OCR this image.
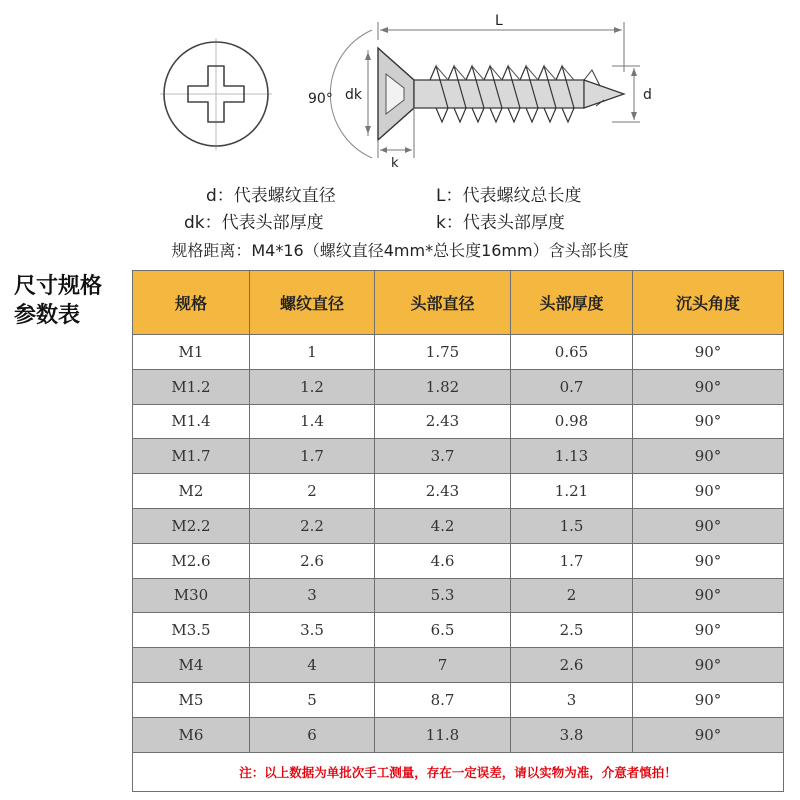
90°
L
dk	d
k
d：代表螺纹直径	L：代表螺纹总长度
dk：代表头部厚度	k：代表头部厚度
规格距离：M4*16（螺纹直径4mm*总长度16mm）含头部长度
尺寸规格
参数表	规格	螺纹直径	头部直径	头部厚度	沉头角度
M1	1	1.75	0.65	90°
M1.2	1.2	1.82	0.7	90°
M1.4	1.4	2.43	0.98	90°
M1.7	1.7	3.7	1.13	90°
M2	2	2.43	1.21	90°
M2.2	2.2	4.2	1.5	90°
M2.6	2.6	4.6	1.7	90°
M30	3	5.3	2	90°
M3.5	3.5	6.5	2.5	90°
M4	4	7	2.6	90°
M5	5	8.7	3	90°
M6	6	11.8	3.8	90°
注：以上数据为单批次手工测量，存在一定误差，请以实物为准，介意者慎拍！				
